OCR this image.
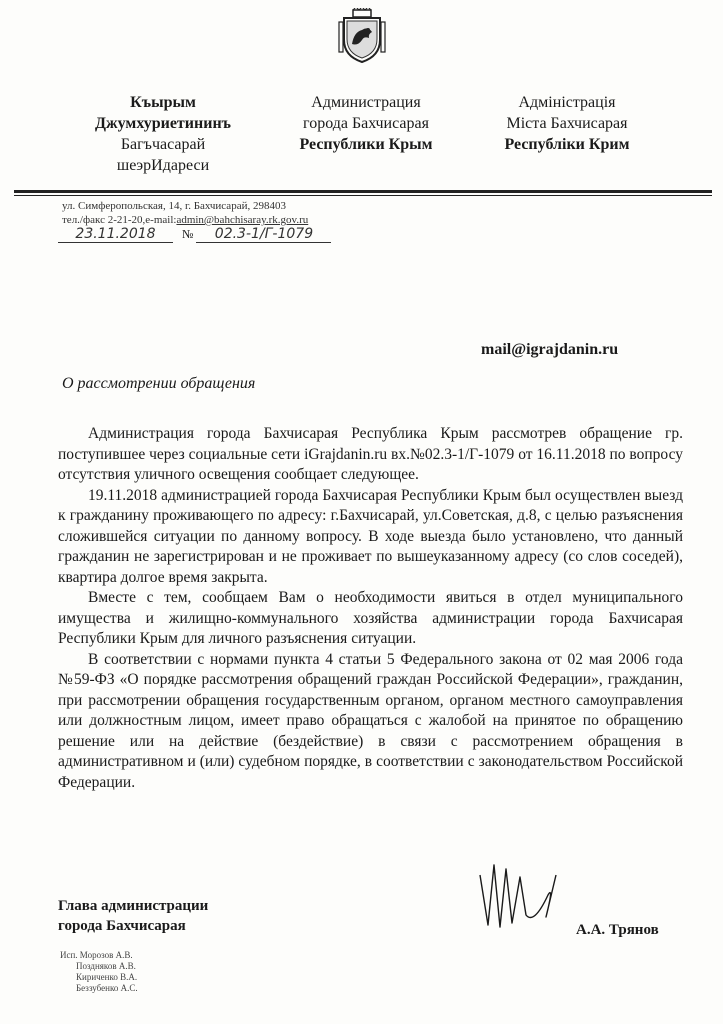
Къырым
Джумхуриетининъ
Багъчасарай
шеэрИдареси
Администрация
города Бахчисарая
Республики Крым
Адміністрація
Міста Бахчисарая
Республіки Крим
ул. Симферопольская, 14, г. Бахчисарай, 298403
тел./факс 2-21-20,e-mail:admin@bahchisaray.rk.gov.ru
23.11.2018 № 02.3-1/Г-1079
mail@igrajdanin.ru
О рассмотрении обращения

Администрация города Бахчисарая Республика Крым рассмотрев обращение гр. поступившее через социальные сети iGrajdanin.ru вх.№02.3-1/Г-1079 от 16.11.2018 по вопросу отсутствия уличного освещения сообщает следующее.

19.11.2018 администрацией города Бахчисарая Республики Крым был осуществлен выезд к гражданину проживающего по адресу: г.Бахчисарай, ул.Советская, д.8, с целью разъяснения сложившейся ситуации по данному вопросу. В ходе выезда было установлено, что данный гражданин не зарегистрирован и не проживает по вышеуказанному адресу (со слов соседей), квартира долгое время закрыта.

Вместе с тем, сообщаем Вам о необходимости явиться в отдел муниципального имущества и жилищно-коммунального хозяйства администрации города Бахчисарая Республики Крым для личного разъяснения ситуации.

В соответствии с нормами пункта 4 статьи 5 Федерального закона от 02 мая 2006 года №59-ФЗ «О порядке рассмотрения обращений граждан Российской Федерации», гражданин, при рассмотрении обращения государственным органом, органом местного самоуправления или должностным лицом, имеет право обращаться с жалобой на принятое по обращению решение или на действие (бездействие) в связи с рассмотрением обращения в административном и (или) судебном порядке, в соответствии с законодательством Российской Федерации.

Глава администрации
города Бахчисарая	А.А. Трянов
Исп. Морозов А.В.
Поздняков А.В.
Кириченко В.А.
Беззубенко А.С.
